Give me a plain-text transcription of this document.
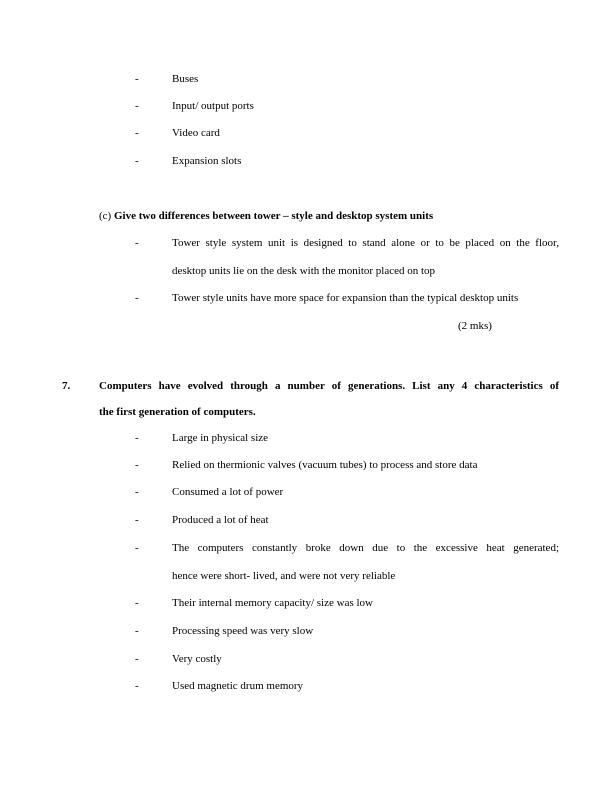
-	Buses
-	Input/ output ports
-	Video card
-	Expansion slots
(c) Give two differences between tower – style and desktop system units
-	Tower style system unit is designed to stand alone or to be placed on the floor,
desktop units lie on the desk with the monitor placed on top
-	Tower style units have more space for expansion than the typical desktop units
(2 mks)
7.	Computers have evolved through a number of generations. List any 4 characteristics of
the first generation of computers.
-	Large in physical size
-	Relied on thermionic valves (vacuum tubes) to process and store data
-	Consumed a lot of power
-	Produced a lot of heat
-	The computers constantly broke down due to the excessive heat generated;
hence were short- lived, and were not very reliable
-	Their internal memory capacity/ size was low
-	Processing speed was very slow
-	Very costly
-	Used magnetic drum memory
